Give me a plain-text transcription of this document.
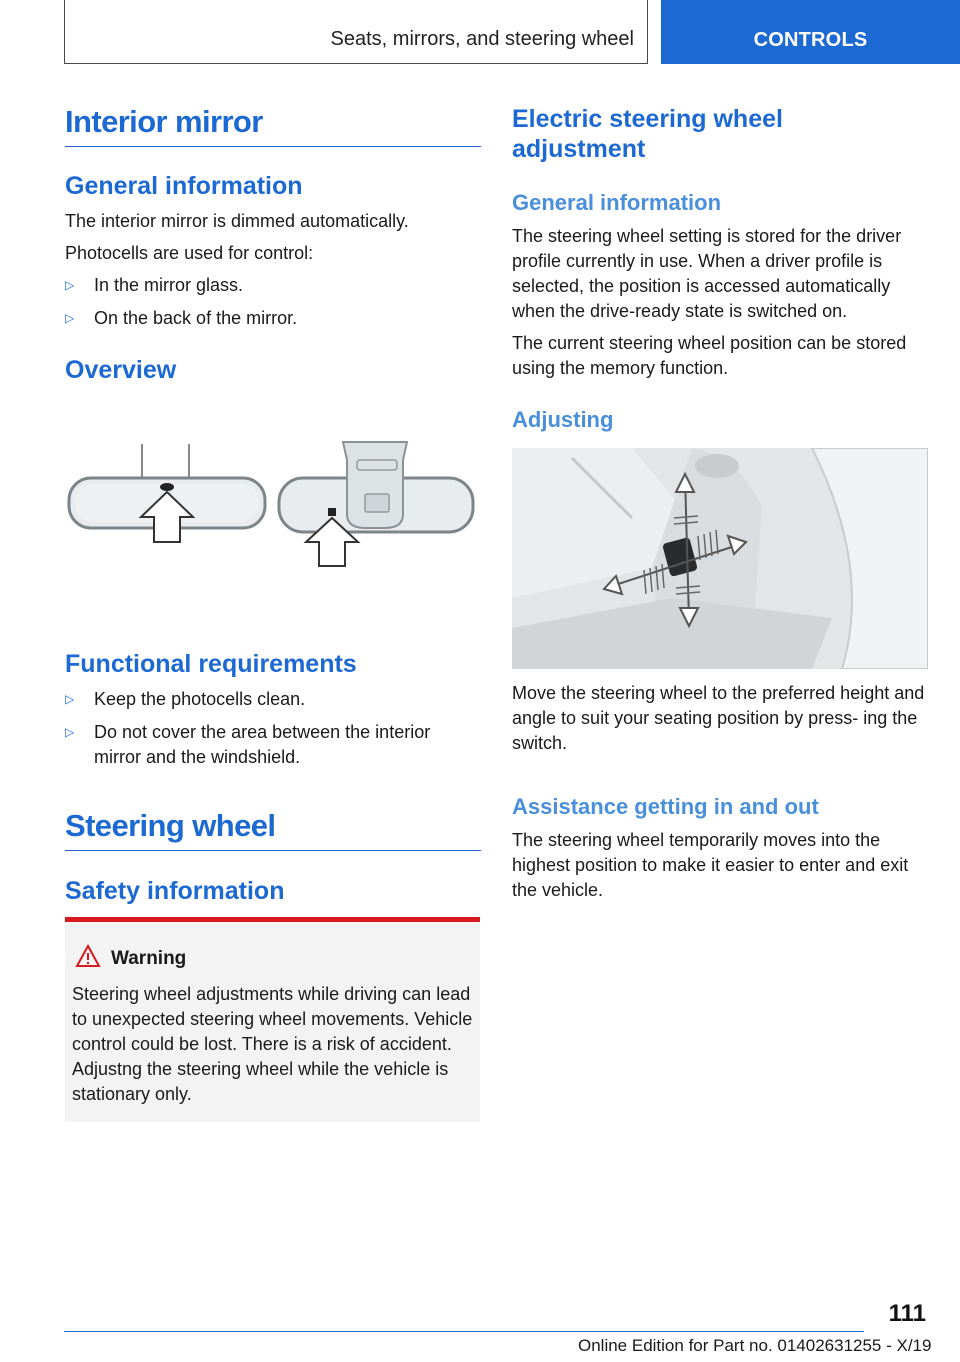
Seats, mirrors, and steering wheel	CONTROLS
Interior mirror
General information

The interior mirror is dimmed automatically.

Photocells are used for control:

▷ In the mirror glass.
▷ On the back of the mirror.
Overview
Functional requirements
▷ Keep the photocells clean.
▷ Do not cover the area between the interior mirror and the windshield.
Steering wheel
Safety information
Warning
Steering wheel adjustments while driving can lead to unexpected steering wheel movements. Vehicle control could be lost. There is a risk of accident. Adjustng the steering wheel while the vehicle is stationary only.
Electric steering wheel
adjustment
General information

The steering wheel setting is stored for the driver profile currently in use. When a driver profile is selected, the position is accessed automatically when the drive-ready state is switched on.

The current steering wheel position can be stored using the memory function.

Adjusting

Move the steering wheel to the preferred height and angle to suit your seating position by press- ing the switch.

Assistance getting in and out

The steering wheel temporarily moves into the highest position to make it easier to enter and exit the vehicle.

111
Online Edition for Part no. 01402631255 - X/19
